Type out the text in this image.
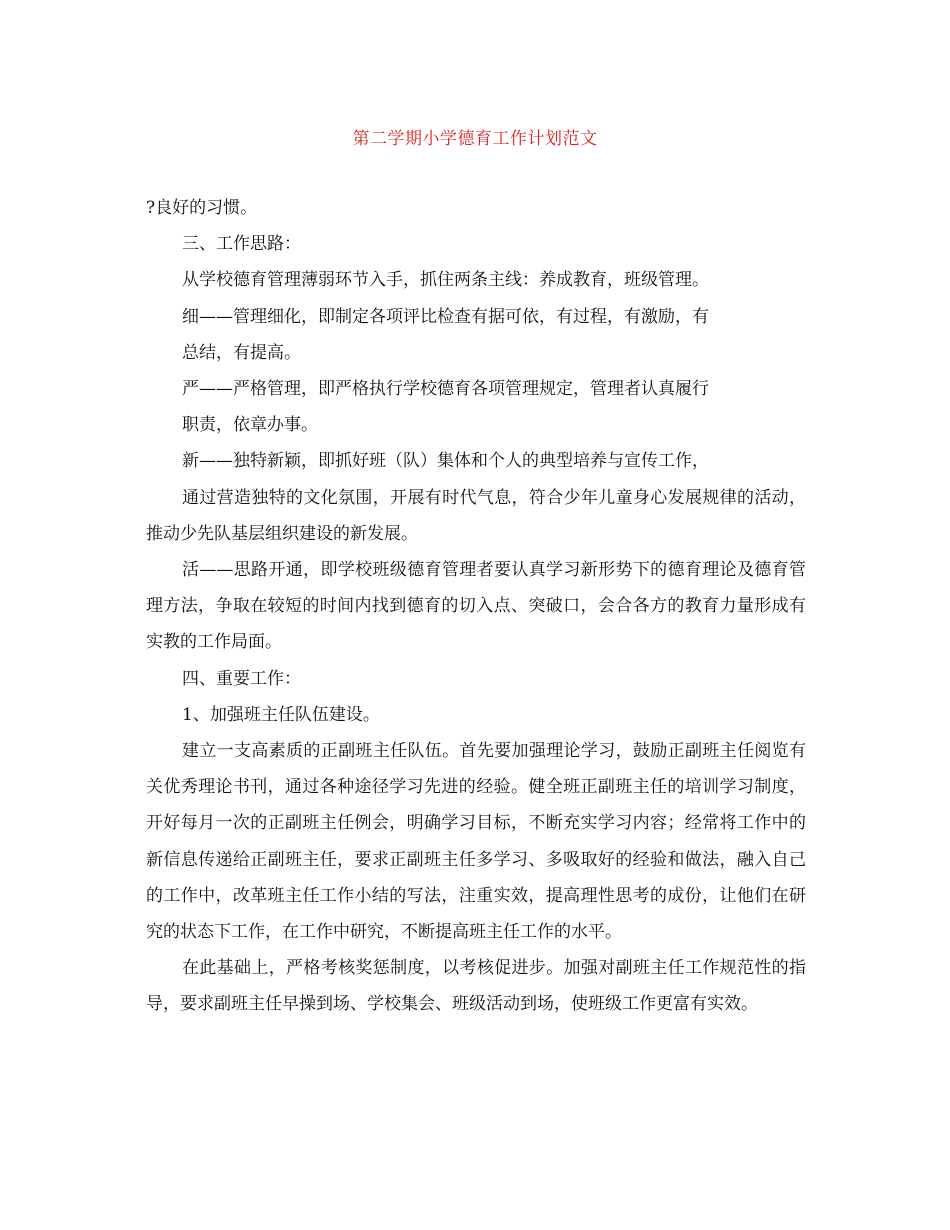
第二学期小学德育工作计划范文

?良好的习惯。

三、工作思路：

从学校德育管理薄弱环节入手，抓住两条主线：养成教育，班级管理。

细——管理细化，即制定各项评比检查有据可依，有过程，有激励，有

总结，有提高。

严——严格管理，即严格执行学校德育各项管理规定，管理者认真履行

职责，依章办事。

新——独特新颖，即抓好班（队）集体和个人的典型培养与宣传工作，

通过营造独特的文化氛围，开展有时代气息，符合少年儿童身心发展规律的活动，推动少先队基层组织建设的新发展。

活——思路开通，即学校班级德育管理者要认真学习新形势下的德育理论及德育管理方法，争取在较短的时间内找到德育的切入点、突破口，会合各方的教育力量形成有实教的工作局面。

四、重要工作：

1、加强班主任队伍建设。

建立一支高素质的正副班主任队伍。首先要加强理论学习，鼓励正副班主任阅览有关优秀理论书刊，通过各种途径学习先进的经验。健全班正副班主任的培训学习制度，开好每月一次的正副班主任例会，明确学习目标，不断充实学习内容；经常将工作中的新信息传递给正副班主任，要求正副班主任多学习、多吸取好的经验和做法，融入自己的工作中，改革班主任工作小结的写法，注重实效，提高理性思考的成份，让他们在研究的状态下工作，在工作中研究，不断提高班主任工作的水平。

在此基础上，严格考核奖惩制度，以考核促进步。加强对副班主任工作规范性的指导，要求副班主任早操到场、学校集会、班级活动到场，使班级工作更富有实效。
